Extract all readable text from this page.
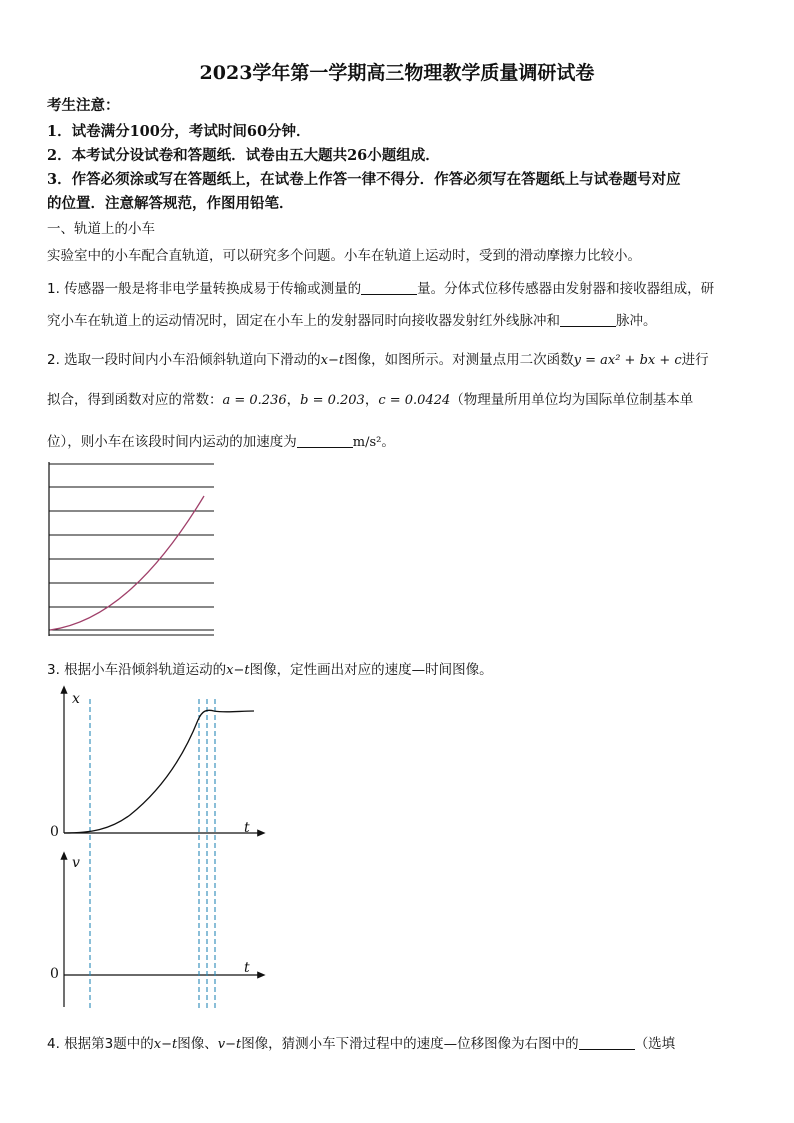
2023学年第一学期高三物理教学质量调研试卷
考生注意：
1．试卷满分100分，考试时间60分钟．
2．本考试分设试卷和答题纸．试卷由五大题共26小题组成．
3．作答必须涂或写在答题纸上，在试卷上作答一律不得分．作答必须写在答题纸上与试卷题号对应
的位置．注意解答规范，作图用铅笔．
一、轨道上的小车
实验室中的小车配合直轨道，可以研究多个问题。小车在轨道上运动时，受到的滑动摩擦力比较小。
1. 传感器一般是将非电学量转换成易于传输或测量的	量。分体式位移传感器由发射器和接收器组成，研
究小车在轨道上的运动情况时，固定在小车上的发射器同时向接收器发射红外线脉冲和	脉冲。
2. 选取一段时间内小车沿倾斜轨道向下滑动的x−t图像，如图所示。对测量点用二次函数y = ax² + bx + c进行
拟合，得到函数对应的常数：a = 0.236，b = 0.203，c = 0.0424（物理量所用单位均为国际单位制基本单
位），则小车在该段时间内运动的加速度为	m/s²。
3. 根据小车沿倾斜轨道运动的x−t图像，定性画出对应的速度—时间图像。
x
t
0
v
t
0
4. 根据第3题中的x−t图像、v−t图像，猜测小车下滑过程中的速度—位移图像为右图中的	（选填
